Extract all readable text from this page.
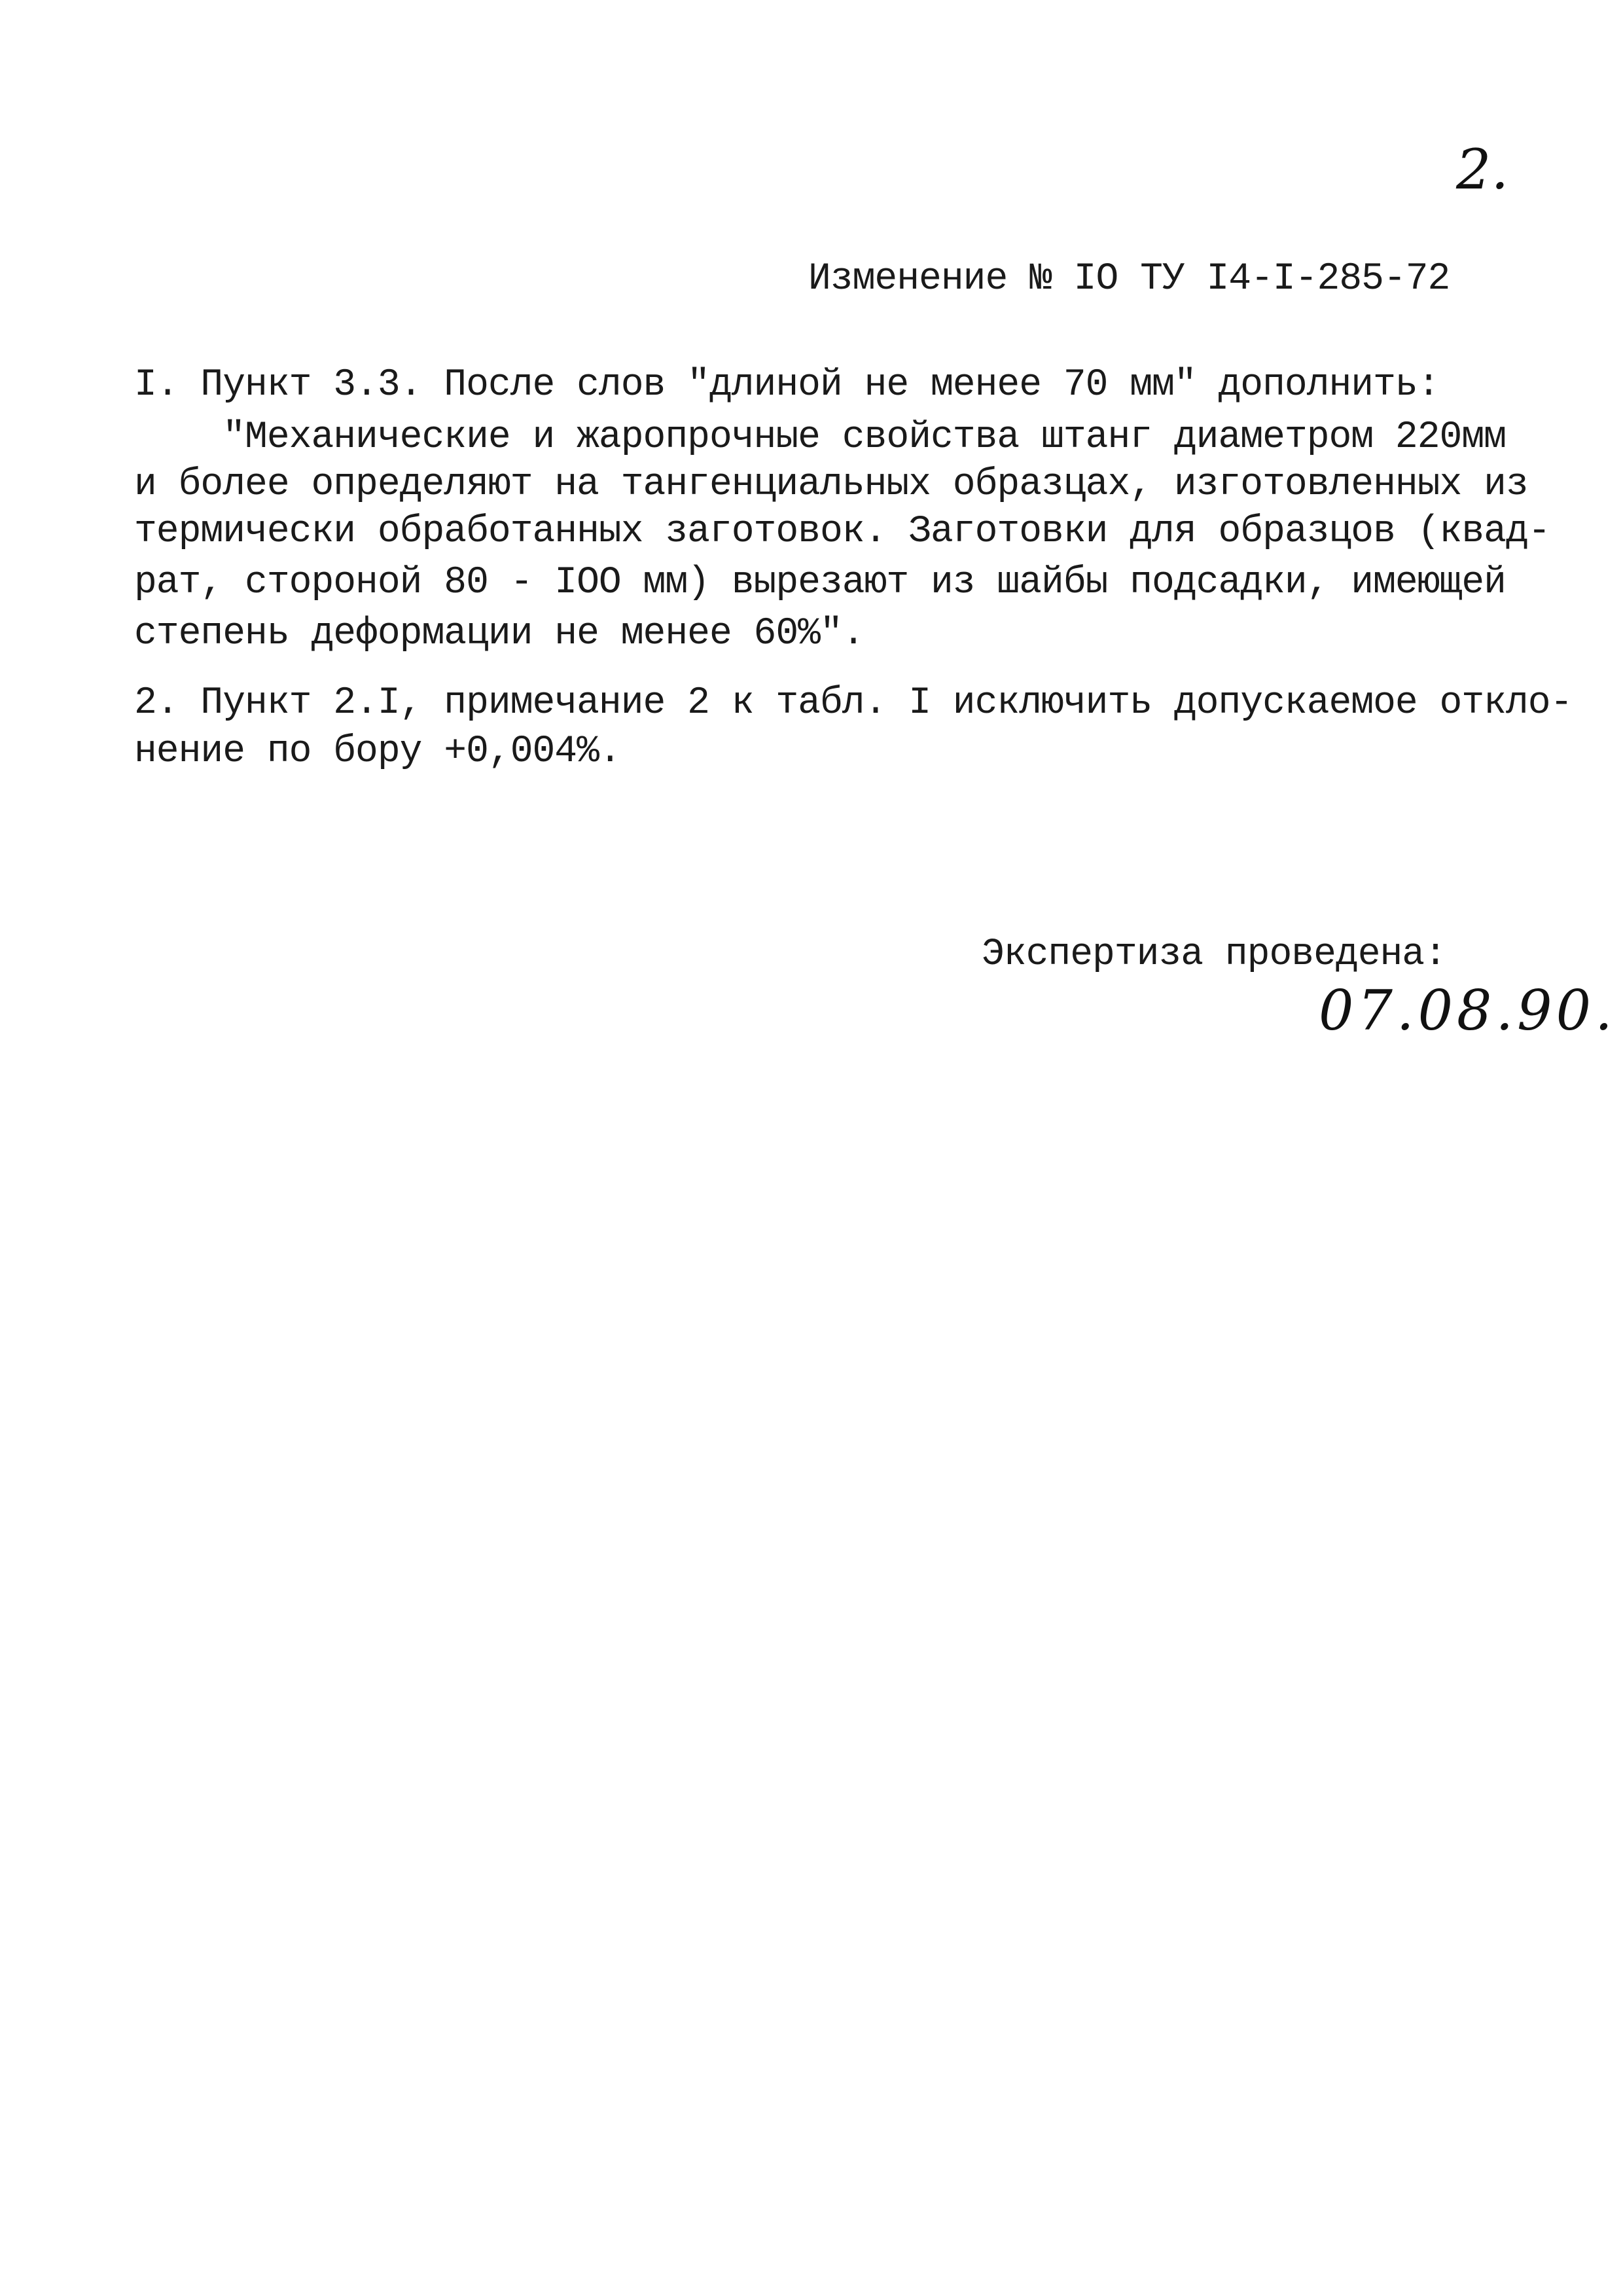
2.
Изменение № IO ТУ I4-I-285-72
I. Пункт 3.3. После слов "длиной не менее 70 мм" дополнить:
"Механические и жаропрочные свойства штанг диаметром 220мм
и более определяют на тангенциальных образцах, изготовленных из
термически обработанных заготовок. Заготовки для образцов (квад-
рат, стороной 80 - IOO мм) вырезают из шайбы подсадки, имеющей
степень деформации не менее 60%".
2. Пункт 2.I, примечание 2 к табл. I исключить допускаемое откло-
нение по бору +0,004%.
Экспертиза проведена:
07.08.90.
